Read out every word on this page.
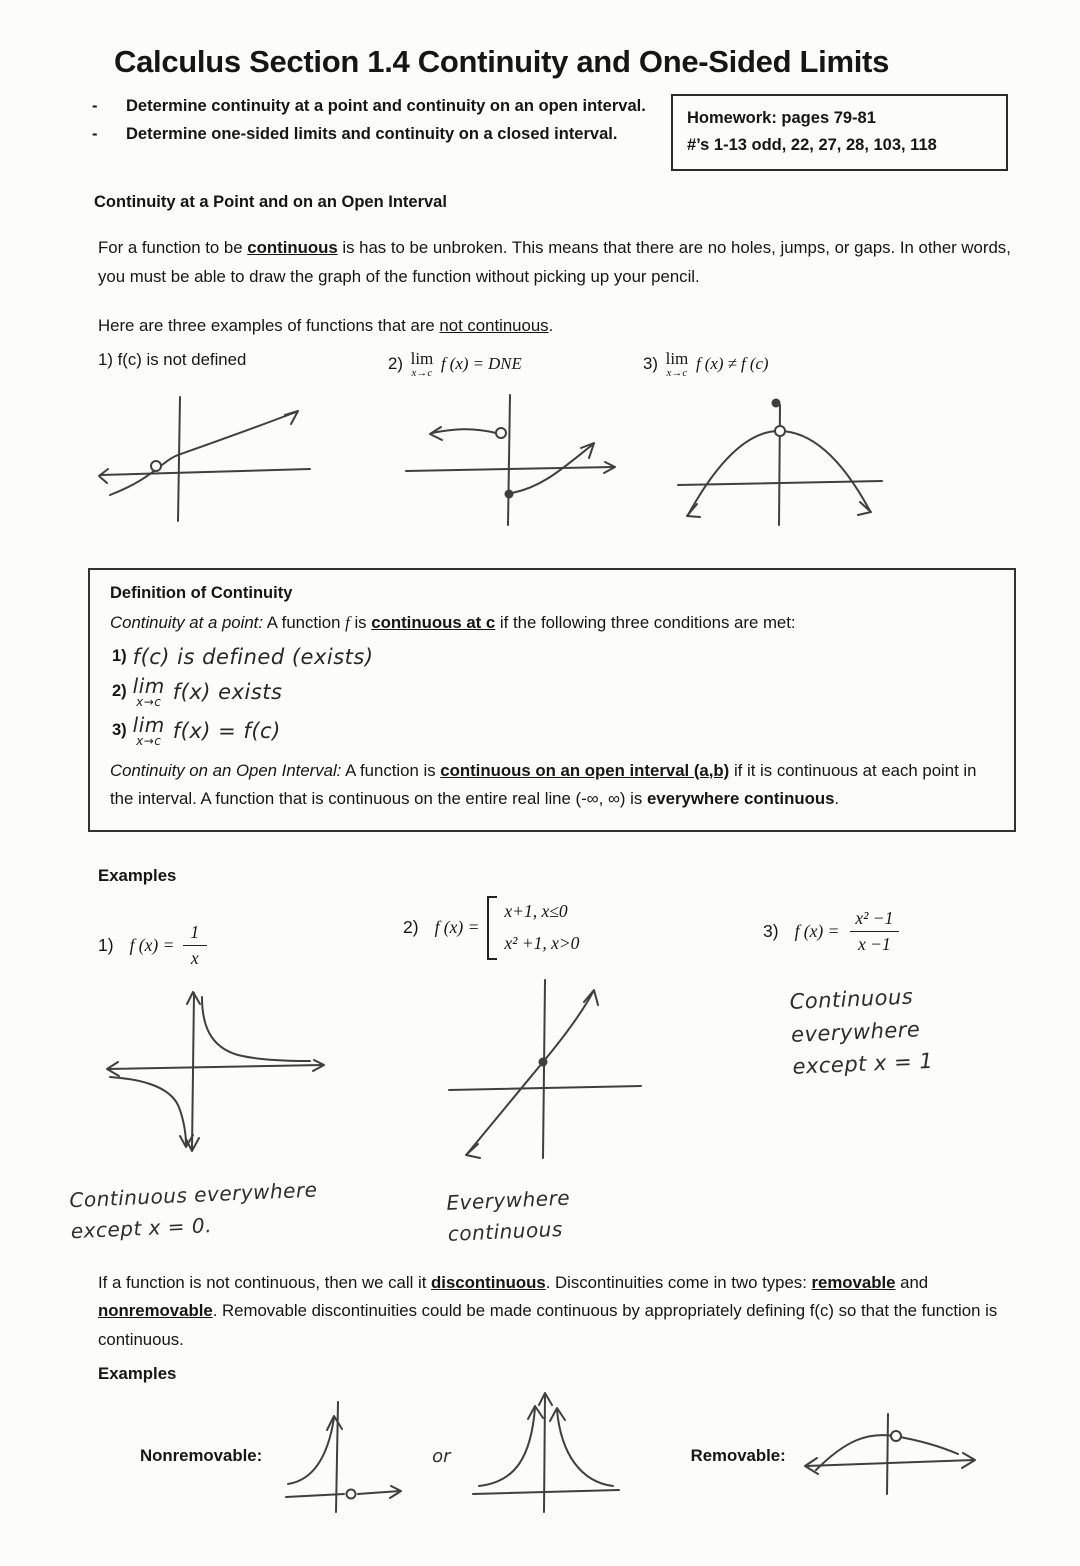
Calculus Section 1.4 Continuity and One-Sided Limits
-	Determine continuity at a point and continuity on an open interval.
-	Determine one-sided limits and continuity on a closed interval.
Homework: pages 79-81
#’s 1-13 odd, 22, 27, 28, 103, 118
Continuity at a Point and on an Open Interval
For a function to be continuous is has to be unbroken. This means that there are no holes, jumps, or gaps. In other words, you must be able to draw the graph of the function without picking up your pencil.
Here are three examples of functions that are not continuous.
1) f(c) is not defined	2) lim
x→c
f (x) = DNE	3) lim
x→c
f (x) ≠ f (c)
Definition of Continuity
Continuity at a point: A function f is continuous at c if the following three conditions are met:
1) f(c) is defined (exists)
2) lim
x→c f(x) exists
3) lim
x→c f(x) = f(c)
Continuity on an Open Interval: A function is continuous on an open interval (a,b) if it is continuous at each point in the interval. A function that is continuous on the entire real line (-∞, ∞) is everywhere continuous.
Examples
1) f $(x) = \frac{1}{x}$
Continuous everywhere
except x = 0.
2) f (x) =
x+1, x≤0
x² +1, x>0
Everywhere
continuous
3) f $(x) = \frac{\text{x² −1}}{x -1}$
Continuous everywhere
except x = 1
If a function is not continuous, then we call it discontinuous. Discontinuities come in two types: removable and nonremovable. Removable discontinuities could be made continuous by appropriately defining f(c) so that the function is continuous.
Examples
Nonremovable:	or	Removable:
